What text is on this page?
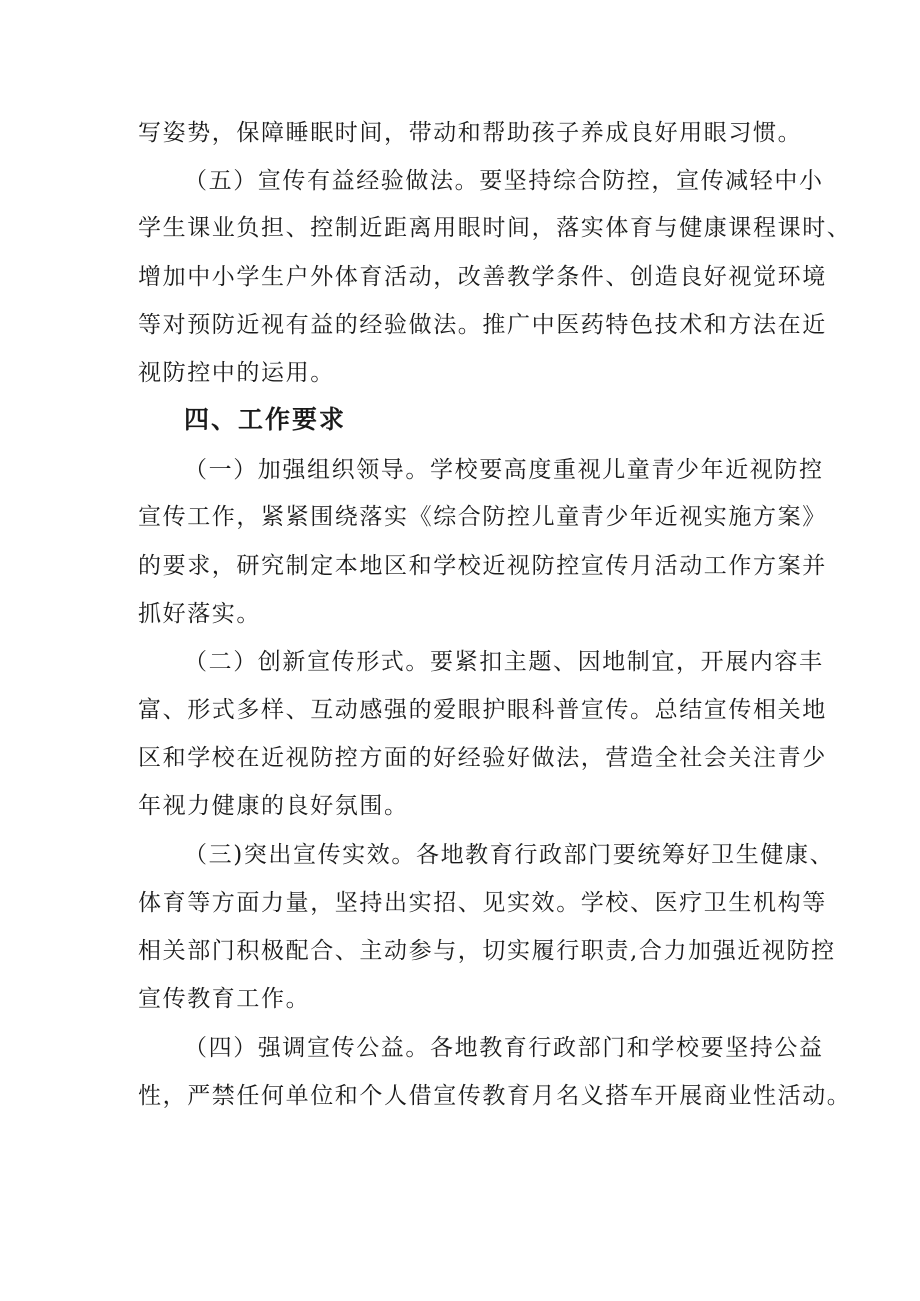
写姿势，保障睡眠时间，带动和帮助孩子养成良好用眼习惯。
（五）宣传有益经验做法。要坚持综合防控，宣传减轻中小
学生课业负担、控制近距离用眼时间，落实体育与健康课程课时、
增加中小学生户外体育活动，改善教学条件、创造良好视觉环境
等对预防近视有益的经验做法。推广中医药特色技术和方法在近
视防控中的运用。
四、工作要求
（一）加强组织领导。学校要高度重视儿童青少年近视防控
宣传工作，紧紧围绕落实《综合防控儿童青少年近视实施方案》
的要求，研究制定本地区和学校近视防控宣传月活动工作方案并
抓好落实。
（二）创新宣传形式。要紧扣主题、因地制宜，开展内容丰
富、形式多样、互动感强的爱眼护眼科普宣传。总结宣传相关地
区和学校在近视防控方面的好经验好做法，营造全社会关注青少
年视力健康的良好氛围。
（三)突出宣传实效。各地教育行政部门要统筹好卫生健康、
体育等方面力量，坚持出实招、见实效。学校、医疗卫生机构等
相关部门积极配合、主动参与，切实履行职责,合力加强近视防控
宣传教育工作。
（四）强调宣传公益。各地教育行政部门和学校要坚持公益
性，严禁任何单位和个人借宣传教育月名义搭车开展商业性活动。
